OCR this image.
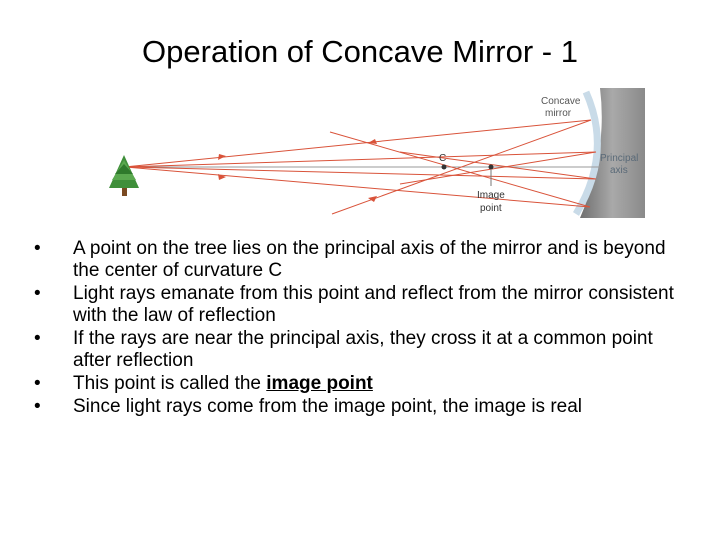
Operation of Concave Mirror - 1
Concave
mirror
Principal
axis
C
Image
point
• A point on the tree lies on the principal axis of the mirror and is beyond the center of curvature C
• Light rays emanate from this point and reflect from the mirror consistent with the law of reflection
• If the rays are near the principal axis, they cross it at a common point after reflection
• This point is called the image point
• Since light rays come from the image point, the image is real
